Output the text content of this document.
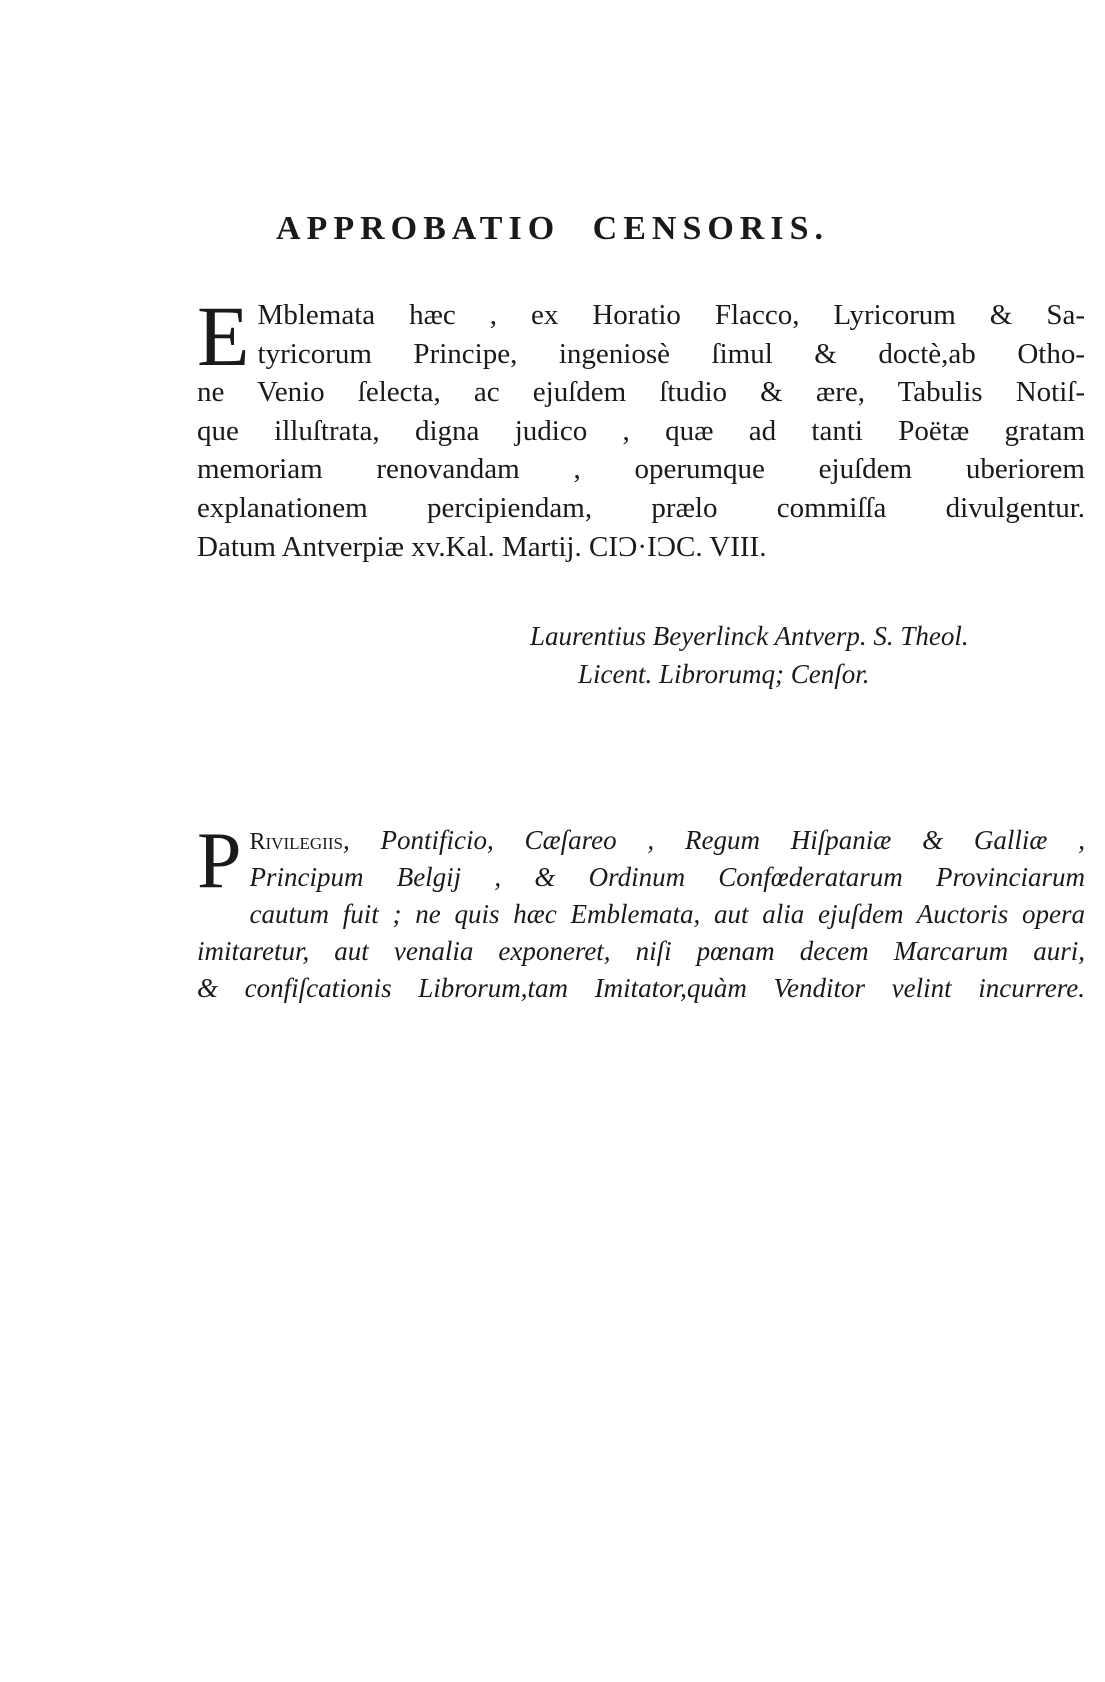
APPROBATIO CENSORIS.
E Mblemata hæc , ex Horatio Flacco, Lyricorum & Sa-
tyricorum Principe, ingeniosè ſimul & doctè,ab Otho-
ne Venio ſelecta, ac ejuſdem ſtudio & ære, Tabulis Notiſ-
que illuſtrata, digna judico , quæ ad tanti Poëtæ gratam
memoriam renovandam , operumque ejuſdem uberiorem
explanationem percipiendam, prælo commiſſa divulgentur.
Datum Antverpiæ xv.Kal. Martij. CIƆ·IƆC. VIII.
Laurentius Beyerlinck Antverp. S. Theol.
Licent. Librorumq; Cenſor.
P Rivilegiis, Pontificio, Cæſareo , Regum Hiſpaniæ & Galliæ ,
Principum Belgij , & Ordinum Confœderatarum Provinciarum
cautum fuit ; ne quis hæc Emblemata, aut alia ejuſdem Auctoris opera
imitaretur, aut venalia exponeret, niſi pœnam decem Marcarum auri,
& confiſcationis Librorum,tam Imitator,quàm Venditor velint incurrere.
